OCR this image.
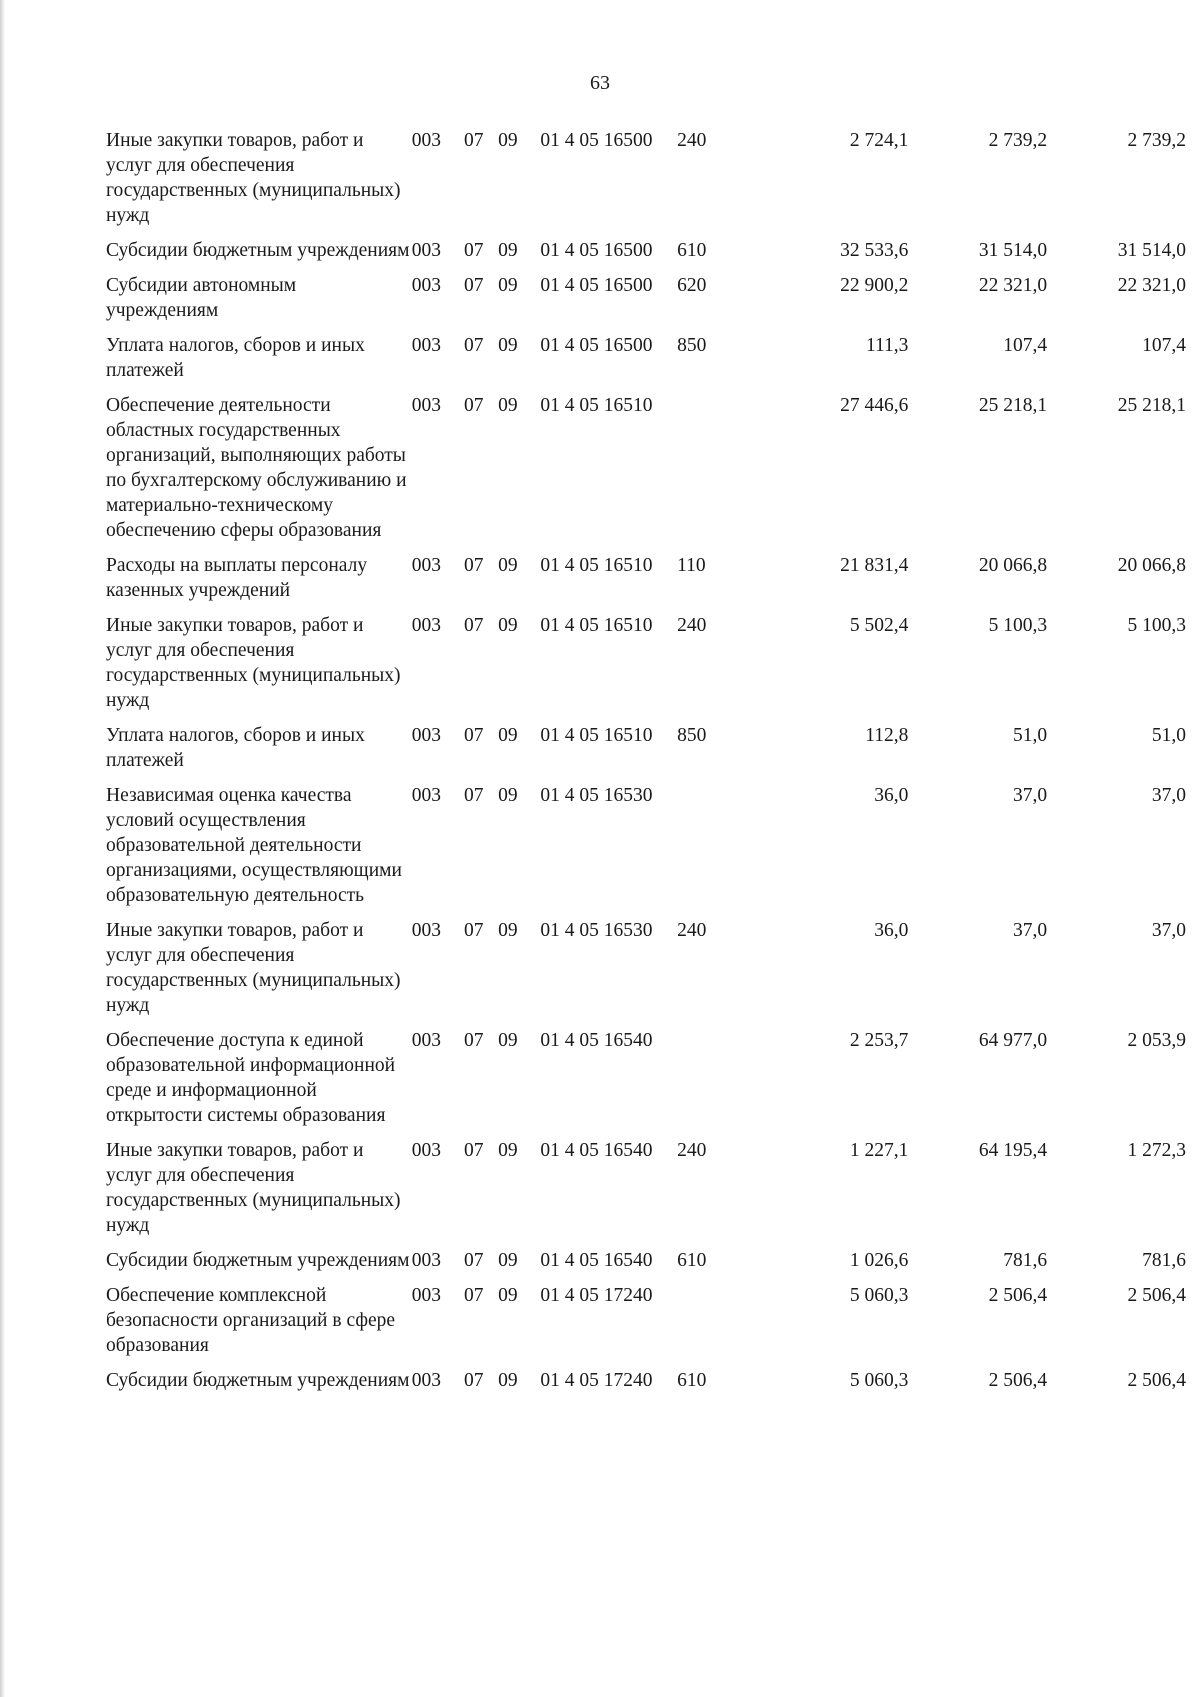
63
Иные закупки товаров, работ и услуг для обеспечения государственных (муниципальных) нужд	003	07	09	01 4 05 16500	240	2 724,1	2 739,2	2 739,2
Субсидии бюджетным учреждениям	003	07	09	01 4 05 16500	610	32 533,6	31 514,0	31 514,0
Субсидии автономным учреждениям	003	07	09	01 4 05 16500	620	22 900,2	22 321,0	22 321,0
Уплата налогов, сборов и иных платежей	003	07	09	01 4 05 16500	850	111,3	107,4	107,4
Обеспечение деятельности областных государственных организаций, выполняющих работы по бухгалтерскому обслуживанию и материально-техническому обеспечению сферы образования	003	07	09	01 4 05 16510		27 446,6	25 218,1	25 218,1
Расходы на выплаты персоналу казенных учреждений	003	07	09	01 4 05 16510	110	21 831,4	20 066,8	20 066,8
Иные закупки товаров, работ и услуг для обеспечения государственных (муниципальных) нужд	003	07	09	01 4 05 16510	240	5 502,4	5 100,3	5 100,3
Уплата налогов, сборов и иных платежей	003	07	09	01 4 05 16510	850	112,8	51,0	51,0
Независимая оценка качества условий осуществления образовательной деятельности организациями, осуществляющими образовательную деятельность	003	07	09	01 4 05 16530		36,0	37,0	37,0
Иные закупки товаров, работ и услуг для обеспечения государственных (муниципальных) нужд	003	07	09	01 4 05 16530	240	36,0	37,0	37,0
Обеспечение доступа к единой образовательной информационной среде и информационной открытости системы образования	003	07	09	01 4 05 16540		2 253,7	64 977,0	2 053,9
Иные закупки товаров, работ и услуг для обеспечения государственных (муниципальных) нужд	003	07	09	01 4 05 16540	240	1 227,1	64 195,4	1 272,3
Субсидии бюджетным учреждениям	003	07	09	01 4 05 16540	610	1 026,6	781,6	781,6
Обеспечение комплексной безопасности организаций в сфере образования	003	07	09	01 4 05 17240		5 060,3	2 506,4	2 506,4
Субсидии бюджетным учреждениям	003	07	09	01 4 05 17240	610	5 060,3	2 506,4	2 506,4
